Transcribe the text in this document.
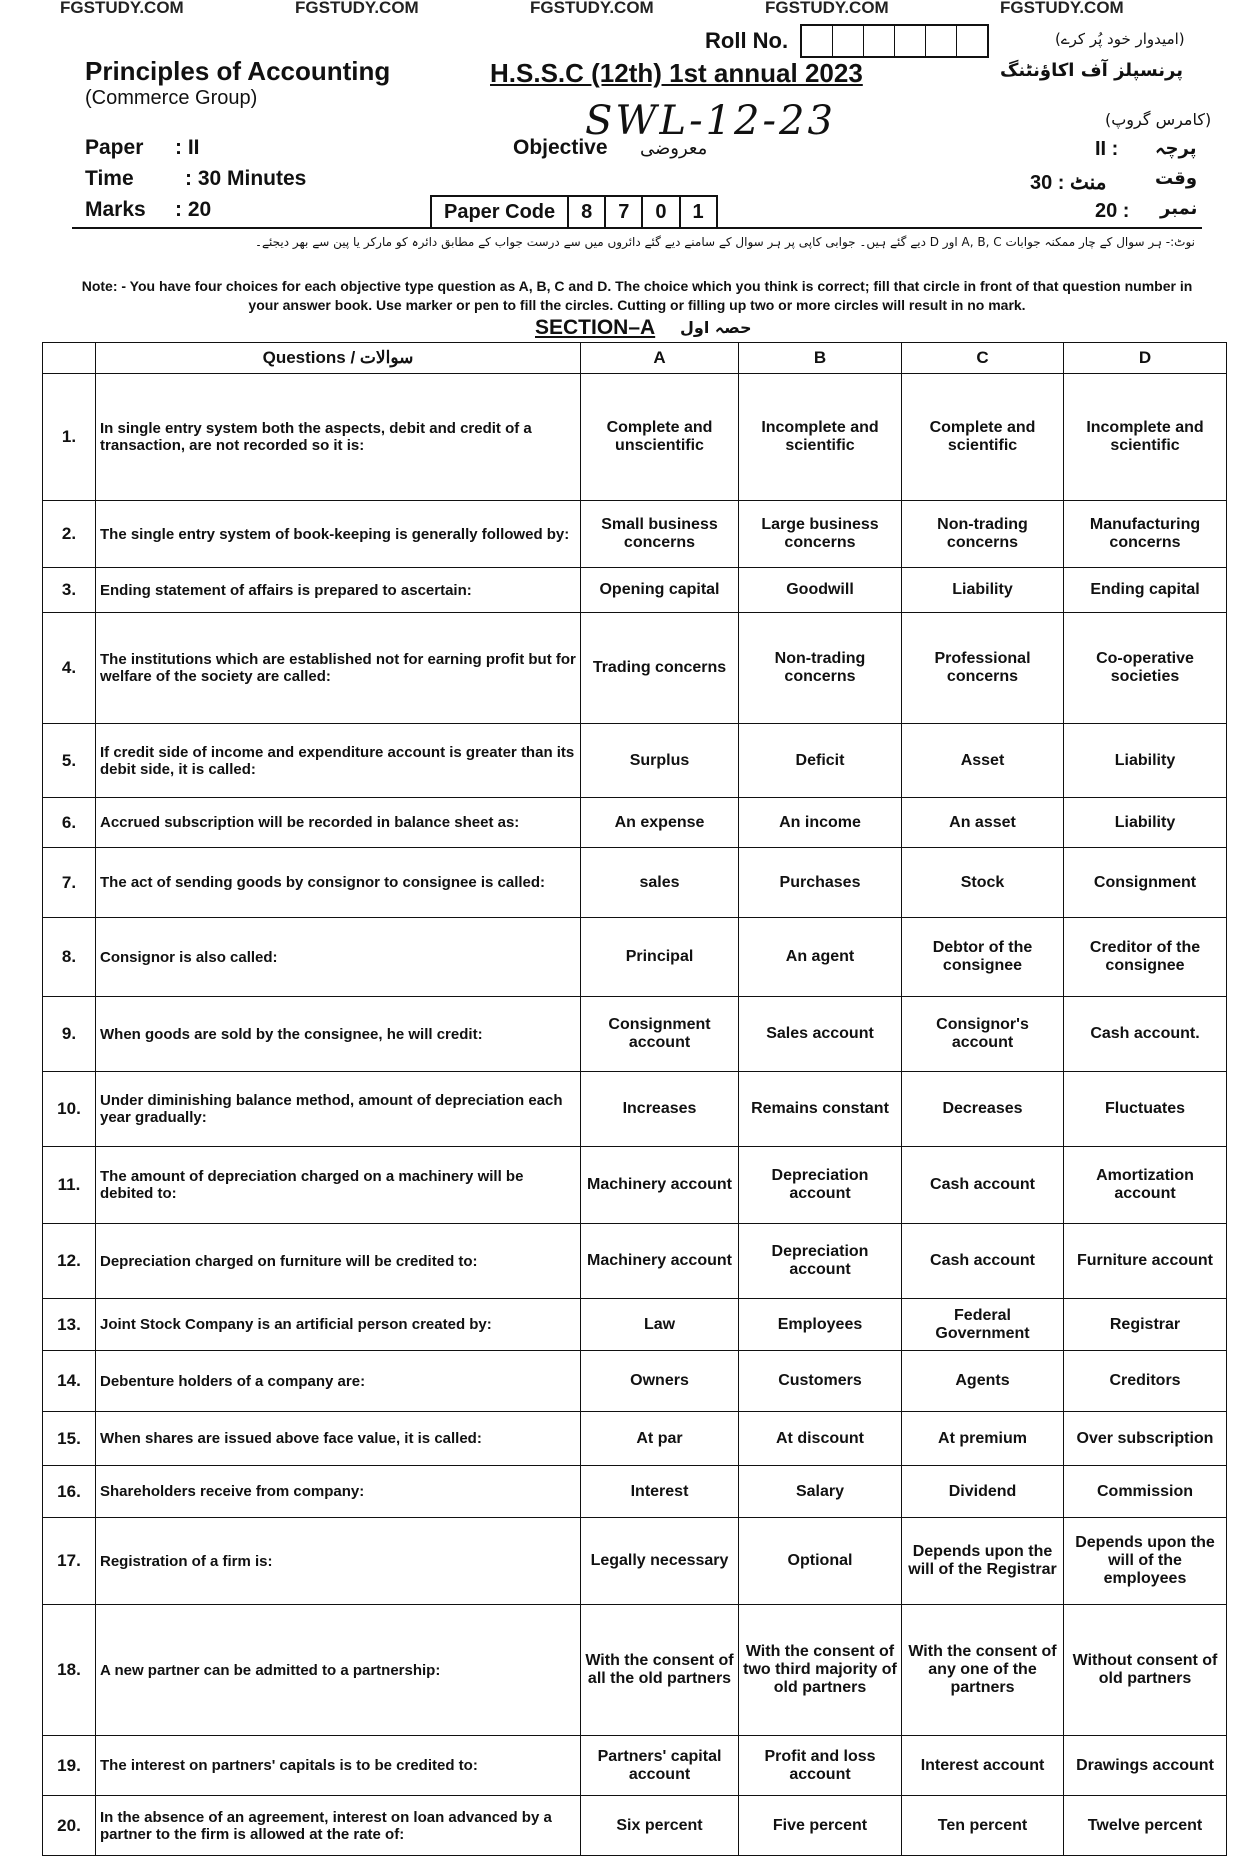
FGSTUDY.COM	FGSTUDY.COM	FGSTUDY.COM	FGSTUDY.COM	FGSTUDY.COM
Roll No.	(امیدوار خود پُر کرے)
Principles of Accounting	H.S.S.C (12th) 1st annual 2023	پرنسپلز آف اکاؤنٹنگ
(Commerce Group)
(کامرس گروپ)
SWL-12-23
Paper : II	Objective معروضی	II : پرچہ
Time : 30 Minutes	30 : منٹ	وقت
Marks : 20	Paper Code	8	7	0	1	20 : نمبر
نوٹ:- ہر سوال کے چار ممکنہ جوابات A, B, C اور D دیے گئے ہیں۔ جوابی کاپی پر ہر سوال کے سامنے دیے گئے دائروں میں سے درست جواب کے مطابق دائرہ کو مارکر یا پین سے بھر دیجئے۔
Note: - You have four choices for each objective type question as A, B, C and D. The choice which you think is correct; fill that circle in front of that question number in your answer book. Use marker or pen to fill the circles. Cutting or filling up two or more circles will result in no mark.
SECTION–A حصہ اول
	Questions / سوالات	A	B	C	D
1.	In single entry system both the aspects, debit and credit of a transaction, are not recorded so it is:	Complete and unscientific	Incomplete and scientific	Complete and scientific	Incomplete and scientific
2.	The single entry system of book-keeping is generally followed by:	Small business concerns	Large business concerns	Non-trading concerns	Manufacturing concerns
3.	Ending statement of affairs is prepared to ascertain:	Opening capital	Goodwill	Liability	Ending capital
4.	The institutions which are established not for earning profit but for welfare of the society are called:	Trading concerns	Non-trading concerns	Professional concerns	Co-operative societies
5.	If credit side of income and expenditure account is greater than its debit side, it is called:	Surplus	Deficit	Asset	Liability
6.	Accrued subscription will be recorded in balance sheet as:	An expense	An income	An asset	Liability
7.	The act of sending goods by consignor to consignee is called:	sales	Purchases	Stock	Consignment
8.	Consignor is also called:	Principal	An agent	Debtor of the consignee	Creditor of the consignee
9.	When goods are sold by the consignee, he will credit:	Consignment account	Sales account	Consignor's account	Cash account.
10.	Under diminishing balance method, amount of depreciation each year gradually:	Increases	Remains constant	Decreases	Fluctuates
11.	The amount of depreciation charged on a machinery will be debited to:	Machinery account	Depreciation account	Cash account	Amortization account
12.	Depreciation charged on furniture will be credited to:	Machinery account	Depreciation account	Cash account	Furniture account
13.	Joint Stock Company is an artificial person created by:	Law	Employees	Federal Government	Registrar
14.	Debenture holders of a company are:	Owners	Customers	Agents	Creditors
15.	When shares are issued above face value, it is called:	At par	At discount	At premium	Over subscription
16.	Shareholders receive from company:	Interest	Salary	Dividend	Commission
17.	Registration of a firm is:	Legally necessary	Optional	Depends upon the will of the Registrar	Depends upon the will of the employees
18.	A new partner can be admitted to a partnership:	With the consent of all the old partners	With the consent of two third majority of old partners	With the consent of any one of the partners	Without consent of old partners
19.	The interest on partners' capitals is to be credited to:	Partners' capital account	Profit and loss account	Interest account	Drawings account
20.	In the absence of an agreement, interest on loan advanced by a partner to the firm is allowed at the rate of:	Six percent	Five percent	Ten percent	Twelve percent
